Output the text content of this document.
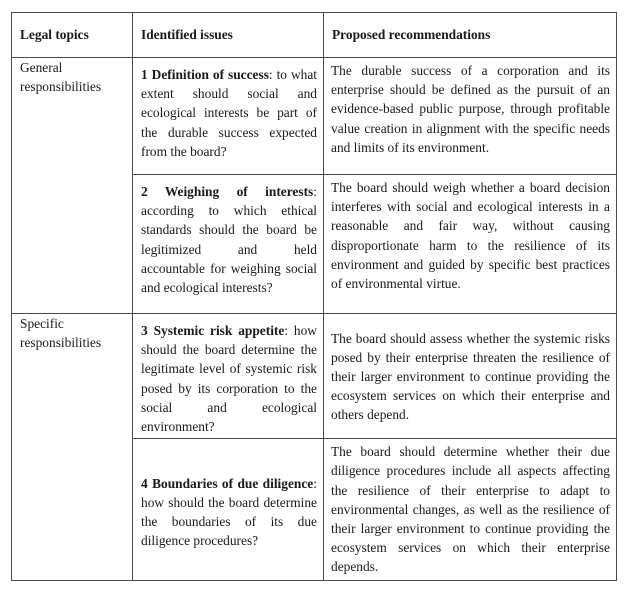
Legal topics	Identified issues	Proposed recommendations

General responsibilities	1 Definition of success: to what extent should social and ecological interests be part of the durable success expected from the board?	The durable success of a corporation and its enterprise should be defined as the pursuit of an evidence-based public purpose, through profitable value creation in alignment with the specific needs and limits of its environment.

	2 Weighing of interests: according to which ethical standards should the board be legitimized and held accountable for weighing social and ecological interests?	The board should weigh whether a board decision interferes with social and ecological interests in a reasonable and fair way, without causing disproportionate harm to the resilience of its environment and guided by specific best practices of environmental virtue.

Specific responsibilities	3 Systemic risk appetite: how should the board determine the legitimate level of systemic risk posed by its corporation to the social and ecological environment?	The board should assess whether the systemic risks posed by their enterprise threaten the resilience of their larger environment to continue providing the ecosystem services on which their enterprise and others depend.

	4 Boundaries of due diligence: how should the board determine the boundaries of its due diligence procedures?	The board should determine whether their due diligence procedures include all aspects affecting the resilience of their enterprise to adapt to environmental changes, as well as the resilience of their larger environment to continue providing the ecosystem services on which their enterprise depends.
